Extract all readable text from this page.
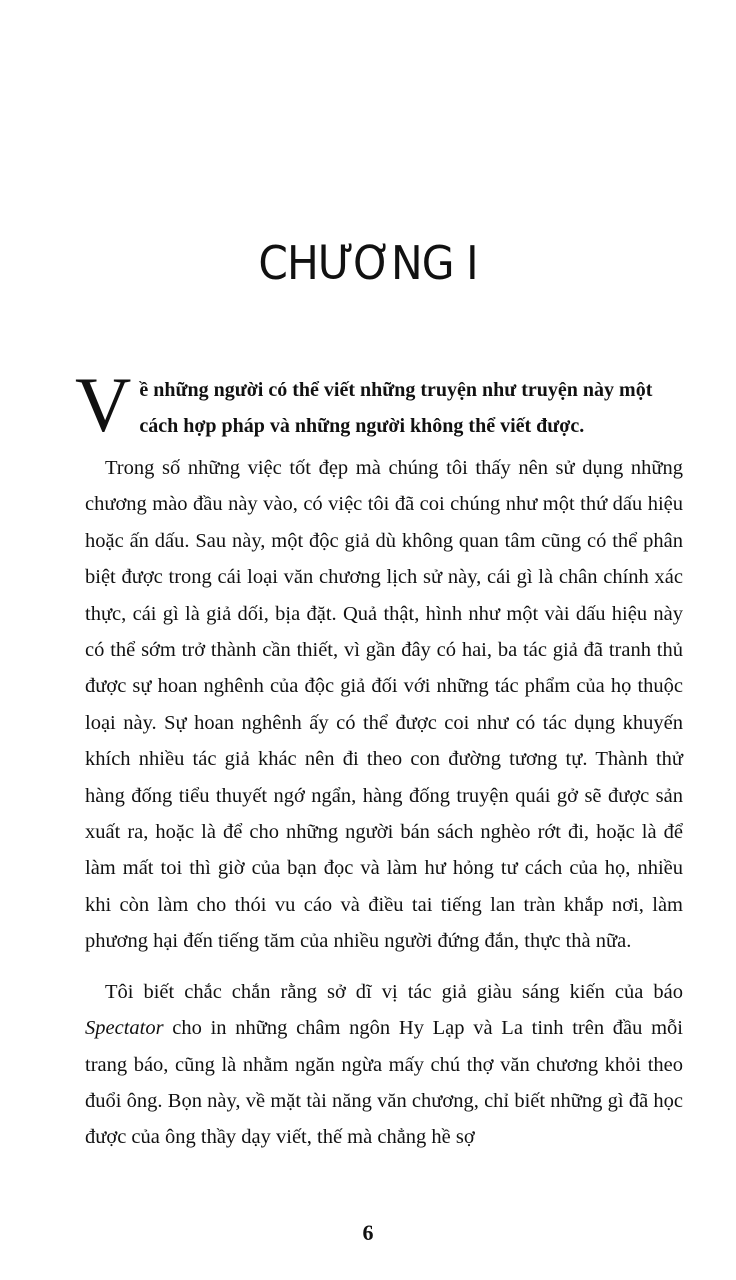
CHƯƠNG I

Về những người có thể viết những truyện như truyện này một cách hợp pháp và những người không thể viết được.

Trong số những việc tốt đẹp mà chúng tôi thấy nên sử dụng những chương mào đầu này vào, có việc tôi đã coi chúng như một thứ dấu hiệu hoặc ấn dấu. Sau này, một độc giả dù không quan tâm cũng có thể phân biệt được trong cái loại văn chương lịch sử này, cái gì là chân chính xác thực, cái gì là giả dối, bịa đặt. Quả thật, hình như một vài dấu hiệu này có thể sớm trở thành cần thiết, vì gần đây có hai, ba tác giả đã tranh thủ được sự hoan nghênh của độc giả đối với những tác phẩm của họ thuộc loại này. Sự hoan nghênh ấy có thể được coi như có tác dụng khuyến khích nhiều tác giả khác nên đi theo con đường tương tự. Thành thử hàng đống tiểu thuyết ngớ ngẩn, hàng đống truyện quái gở sẽ được sản xuất ra, hoặc là để cho những người bán sách nghèo rớt đi, hoặc là để làm mất toi thì giờ của bạn đọc và làm hư hỏng tư cách của họ, nhiều khi còn làm cho thói vu cáo và điều tai tiếng lan tràn khắp nơi, làm phương hại đến tiếng tăm của nhiều người đứng đắn, thực thà nữa.

Tôi biết chắc chắn rằng sở dĩ vị tác giả giàu sáng kiến của báo Spectator cho in những châm ngôn Hy Lạp và La tinh trên đầu mỗi trang báo, cũng là nhằm ngăn ngừa mấy chú thợ văn chương khỏi theo đuổi ông. Bọn này, về mặt tài năng văn chương, chỉ biết những gì đã học được của ông thầy dạy viết, thế mà chẳng hề sợ

6
